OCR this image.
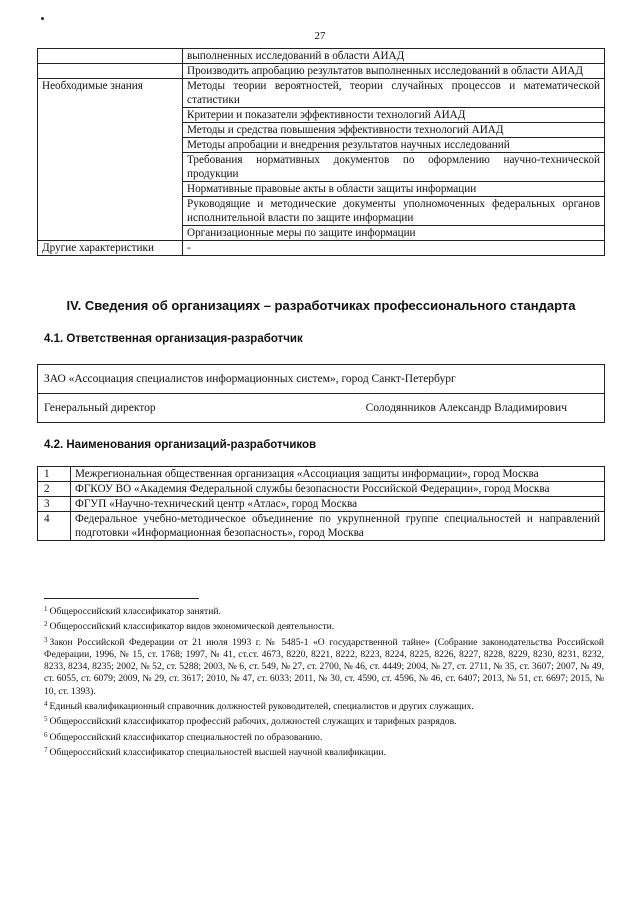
27
	выполненных исследований в области АИАД
	Производить апробацию результатов выполненных исследований в области АИАД
Необходимые знания	Методы теории вероятностей, теории случайных процессов и математической статистики
	Критерии и показатели эффективности технологий АИАД
	Методы и средства повышения эффективности технологий АИАД
	Методы апробации и внедрения результатов научных исследований
	Требования нормативных документов по оформлению научно-технической продукции
	Нормативные правовые акты в области защиты информации
	Руководящие и методические документы уполномоченных федеральных органов исполнительной власти по защите информации
	Организационные меры по защите информации
Другие характеристики	-
IV. Сведения об организациях – разработчиках профессионального стандарта
4.1. Ответственная организация-разработчик
ЗАО «Ассоциация специалистов информационных систем», город Санкт-Петербург
Генеральный директор	Солодянников Александр Владимирович
4.2. Наименования организаций-разработчиков
1	Межрегиональная общественная организация «Ассоциация защиты информации», город Москва
2	ФГКОУ ВО «Академия Федеральной службы безопасности Российской Федерации», город Москва
3	ФГУП «Научно-технический центр «Атлас», город Москва
4	Федеральное учебно-методическое объединение по укрупненной группе специальностей и направлений подготовки «Информационная безопасность», город Москва
$^1$ Общероссийский классификатор занятий.
$^2$ Общероссийский классификатор видов экономической деятельности.
$^3$ Закон Российской Федерации от 21 июля 1993 г. № 5485-1 «О государственной тайне» (Собрание законодательства Российской Федерации, 1996, № 15, ст. 1768; 1997, № 41, ст.ст. 4673, 8220, 8221, 8222, 8223, 8224, 8225, 8226, 8227, 8228, 8229, 8230, 8231, 8232, 8233, 8234, 8235; 2002, № 52, ст. 5288; 2003, № 6, ст. 549, № 27, ст. 2700, № 46, ст. 4449; 2004, № 27, ст. 2711, № 35, ст. 3607; 2007, № 49, ст. 6055, ст. 6079; 2009, № 29, ст. 3617; 2010, № 47, ст. 6033; 2011, № 30, ст. 4590, ст. 4596, № 46, ст. 6407; 2013, № 51, ст. 6697; 2015, № 10, ст. 1393).
$^4$ Единый квалификационный справочник должностей руководителей, специалистов и других служащих.
$^5$ Общероссийский классификатор профессий рабочих, должностей служащих и тарифных разрядов.
$^6$ Общероссийский классификатор специальностей по образованию.
$^7$ Общероссийский классификатор специальностей высшей научной квалификации.
